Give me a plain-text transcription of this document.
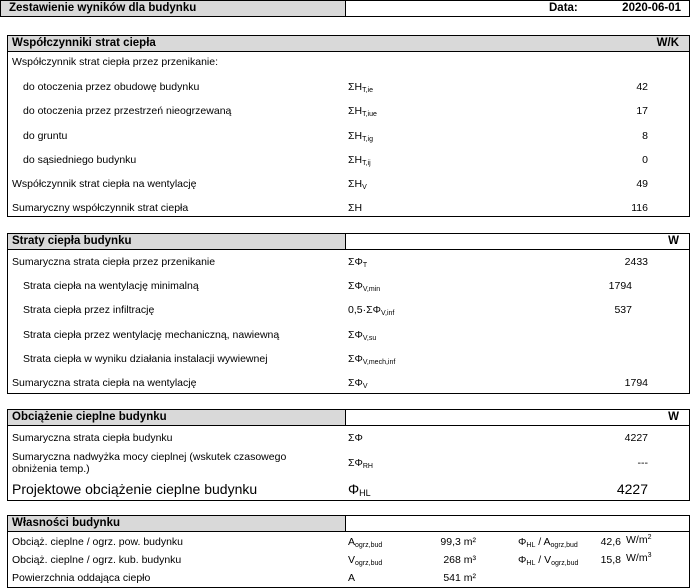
Zestawienie wyników dla budynku	Data:	2020-06-01
Współczynniki strat ciepła	W/K
Współczynnik strat ciepła przez przenikanie:
do otoczenia przez obudowę budynku	$\Sigma H_{T,ie}$	42
do otoczenia przez przestrzeń nieogrzewaną	$\Sigma H_{T,iue}$	17
do gruntu	$\Sigma H_{T,ig}$	8
do sąsiedniego budynku	$\Sigma H_{T,ij}$	0
Współczynnik strat ciepła na wentylację	$\Sigma H_V$	49
Sumaryczny współczynnik strat ciepła	ΣH	116
Straty ciepła budynku	W
Sumaryczna strata ciepła przez przenikanie	$\Sigma\Phi_T$	2433
Strata ciepła na wentylację minimalną	$\Sigma\Phi_{V,min}$	1794
Strata ciepła przez infiltrację	$0,5\cdot\Sigma\Phi_{V,inf}$	537
Strata ciepła przez wentylację mechaniczną, nawiewną	$\Sigma\Phi_{V,su}$
Strata ciepła w wyniku działania instalacji wywiewnej	$\Sigma\Phi_{V,mech,inf}$
Sumaryczna strata ciepła na wentylację	$\Sigma\Phi_V$	1794
Obciążenie cieplne budynku	W
Sumaryczna strata ciepła budynku	ΣΦ	4227
Sumaryczna nadwyżka mocy cieplnej (wskutek czasowego
obniżenia temp.)	$\Sigma\Phi_{RH}$	---
Projektowe obciążenie cieplne budynku	$\Phi_{HL}$	4227
Własności budynku
Obciąż. cieplne / ogrz. pow. budynku	$A_{ogrz,bud}$	99,3 m²	$\Phi_{HL} / A_{ogrz,bud}$ 42,6 $W/m^2$
Obciąż. cieplne / ogrz. kub. budynku	$V_{ogrz,bud}$	268 m³	$\Phi_{HL} / V_{ogrz,bud}$ 15,8 $W/m^3$
Powierzchnia oddająca ciepło	A	541 m²
